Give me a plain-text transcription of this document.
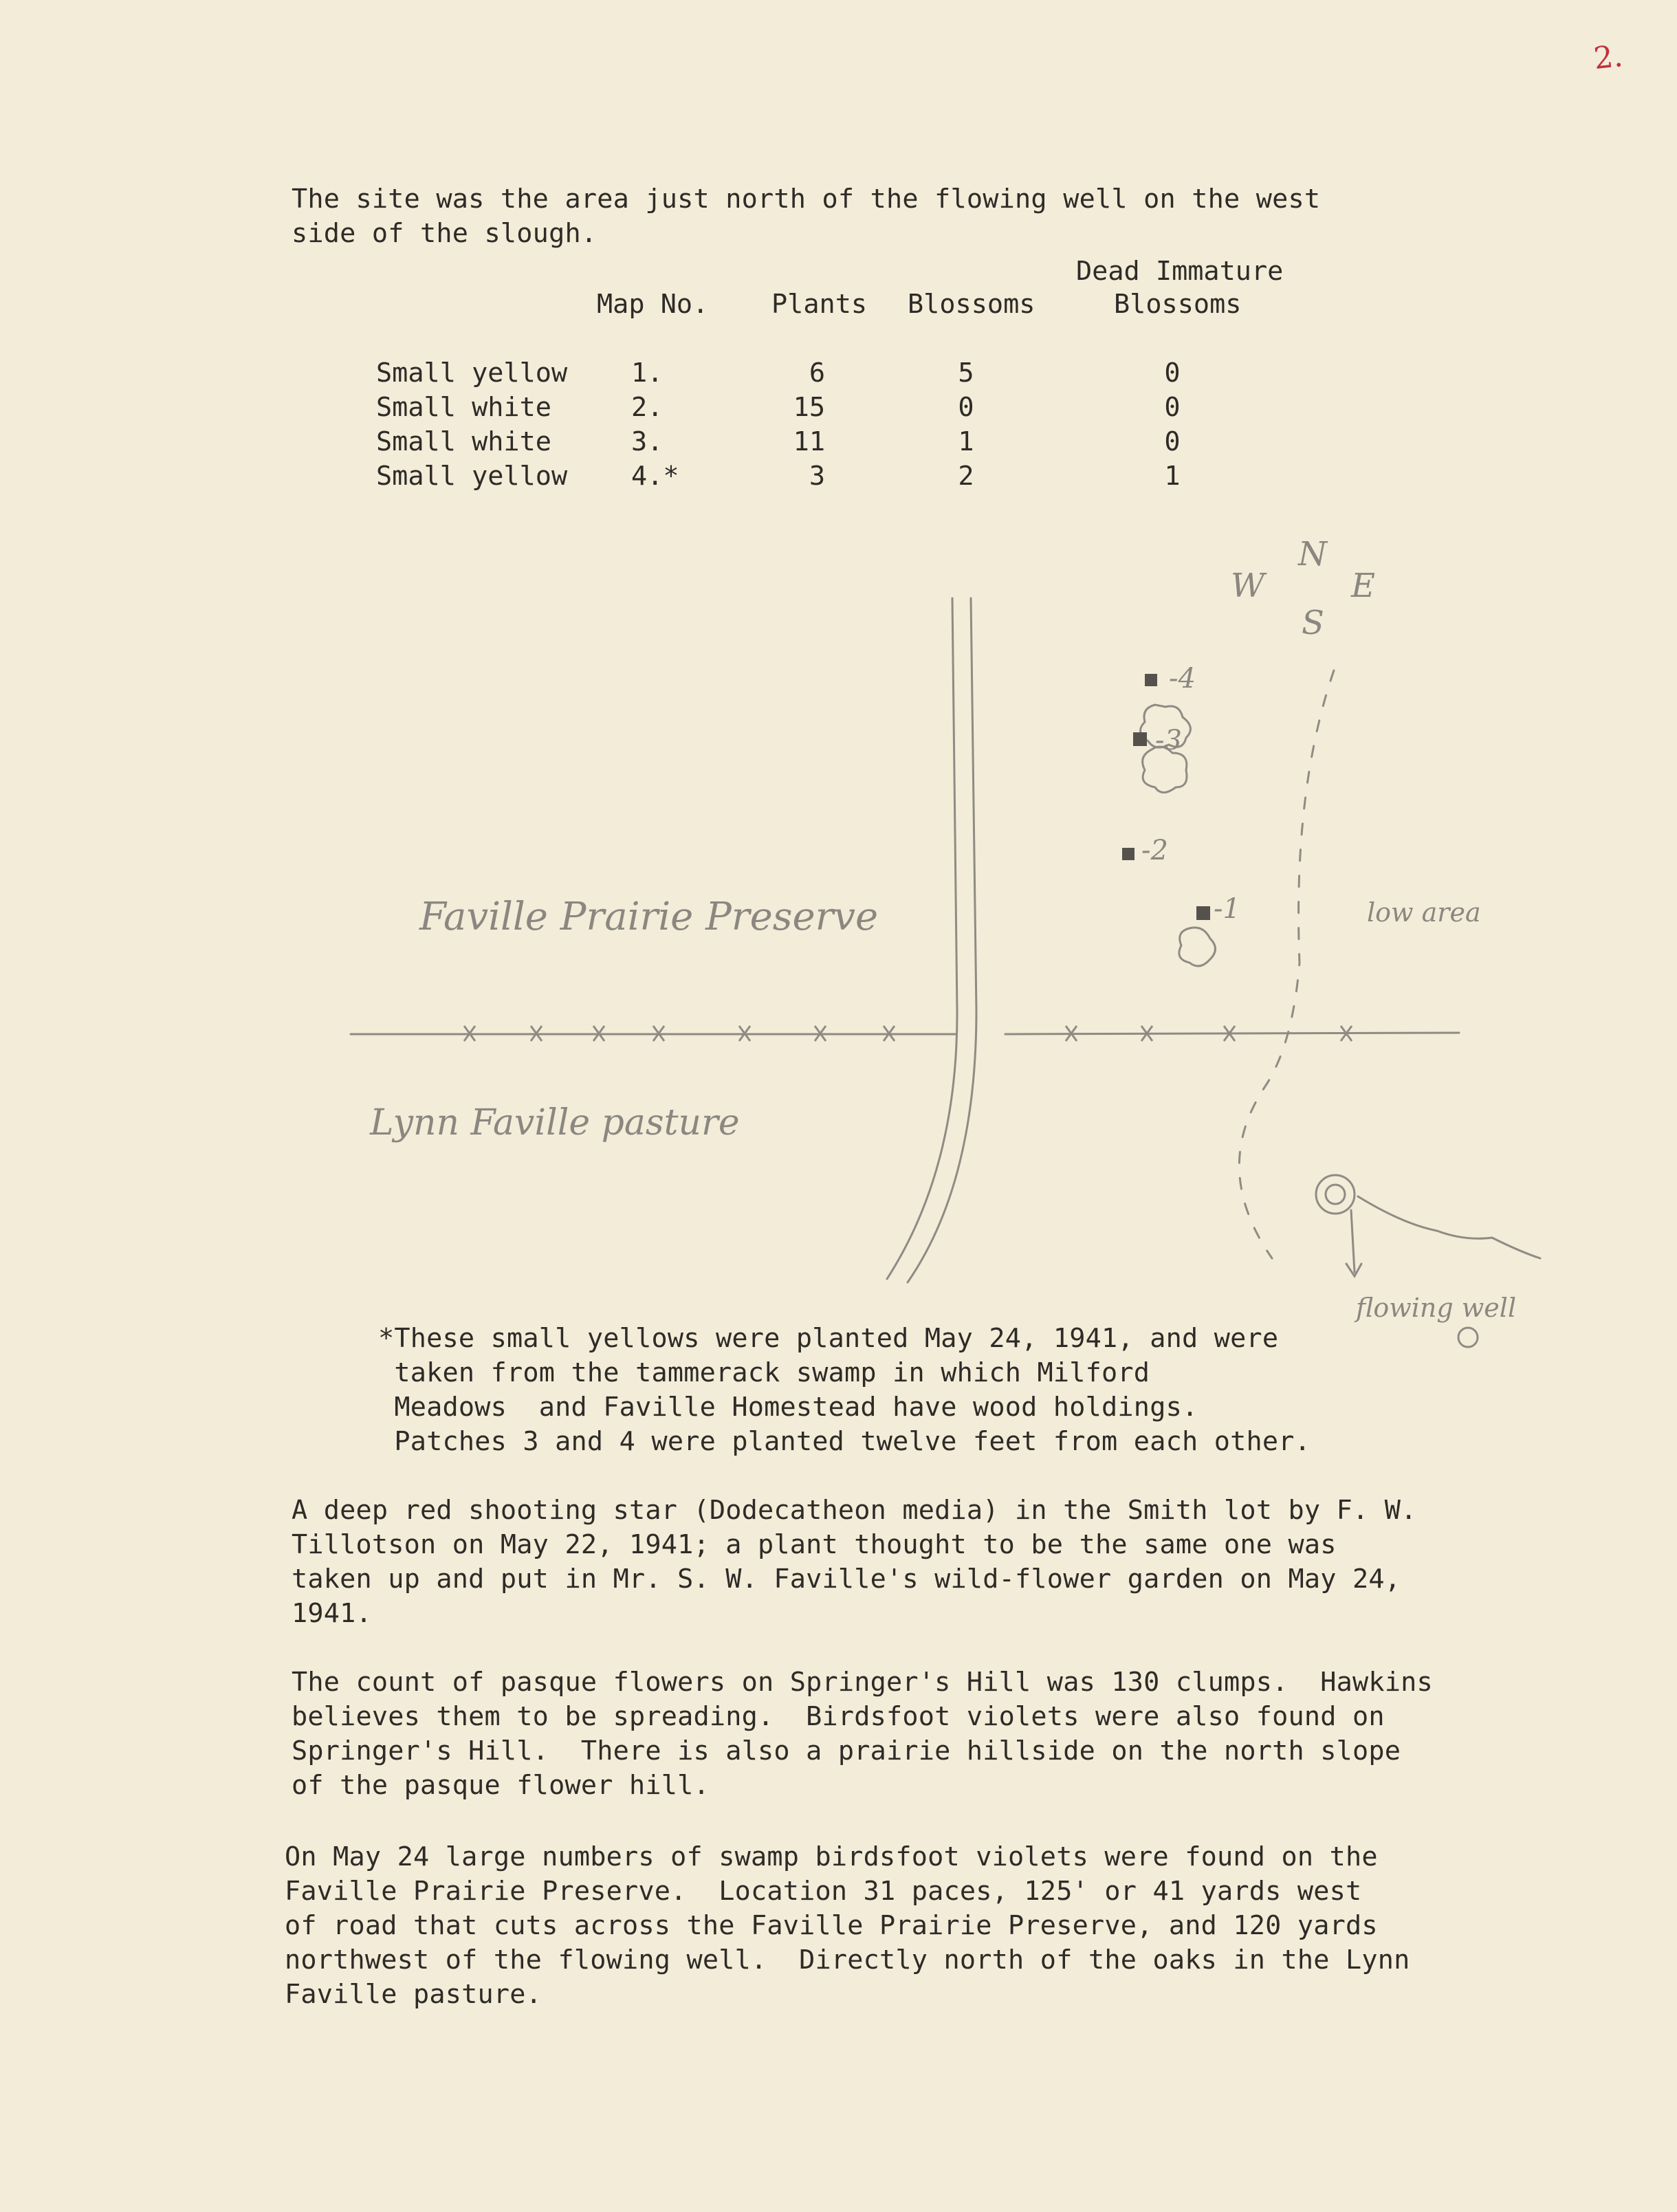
2.
The site was the area just north of the flowing well on the west
side of the slough.
Dead Immature
Map No. Plants Blossoms	Blossoms
Small yellow 1.	6	5	0
Small white	2.	15	0	0
Small white	3.	11	1	0
Small yellow 4.*	3	2	1
-4
-3
-2
-1
N
W	E
S
Faville Prairie Preserve
Lynn Faville pasture
low area
flowing well
*These small yellows were planted May 24, 1941, and were
taken from the tammerack swamp in which Milford
Meadows  and Faville Homestead have wood holdings.
Patches 3 and 4 were planted twelve feet from each other.
A deep red shooting star (Dodecatheon media) in the Smith lot by F. W.
Tillotson on May 22, 1941; a plant thought to be the same one was
taken up and put in Mr. S. W. Faville's wild-flower garden on May 24,
1941.
The count of pasque flowers on Springer's Hill was 130 clumps.  Hawkins
believes them to be spreading.  Birdsfoot violets were also found on
Springer's Hill.  There is also a prairie hillside on the north slope
of the pasque flower hill.
On May 24 large numbers of swamp birdsfoot violets were found on the
Faville Prairie Preserve.  Location 31 paces, 125' or 41 yards west
of road that cuts across the Faville Prairie Preserve, and 120 yards
northwest of the flowing well.  Directly north of the oaks in the Lynn
Faville pasture.
